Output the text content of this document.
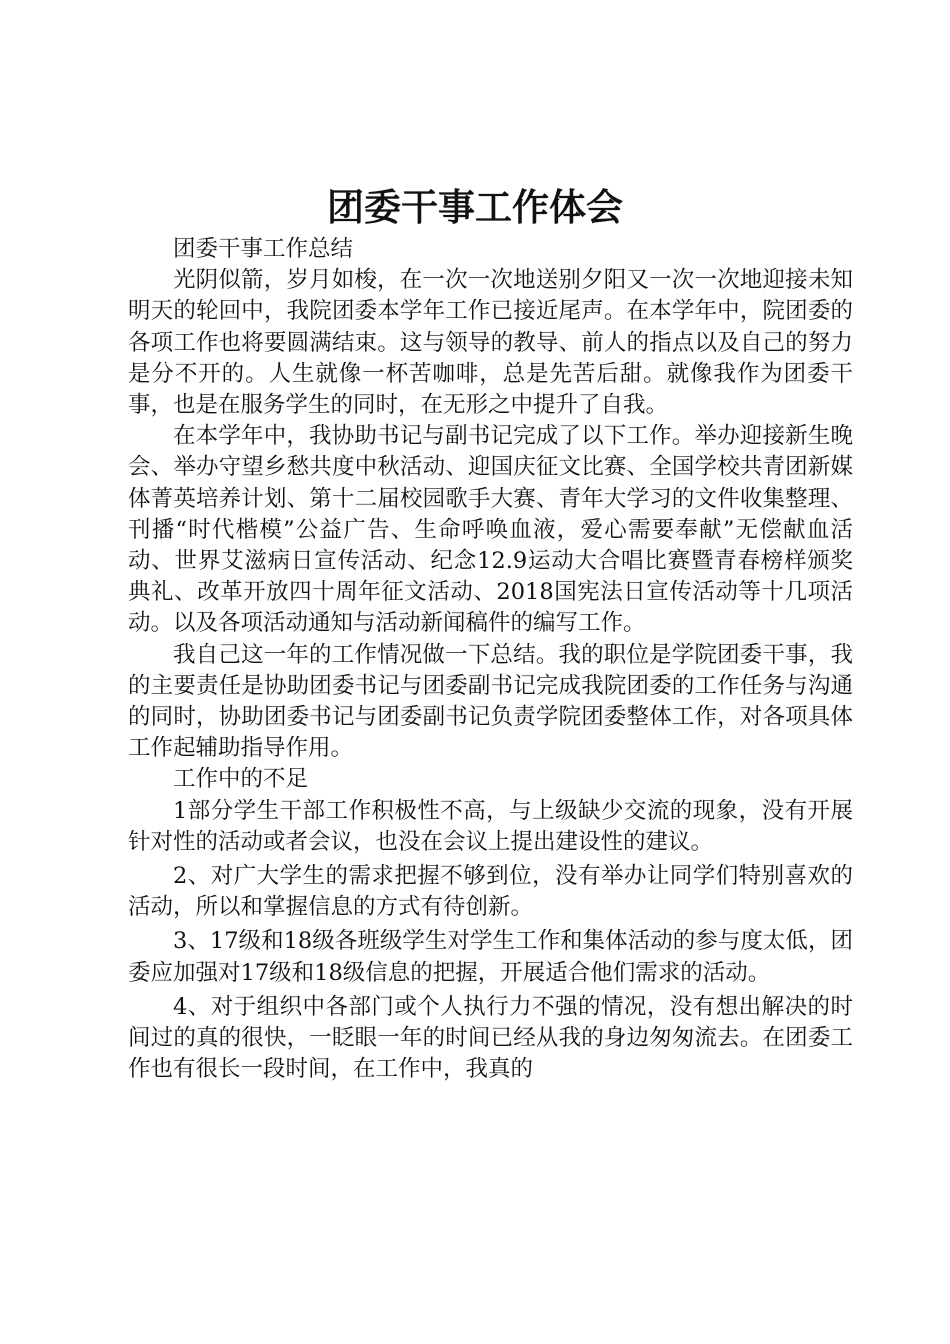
团委干事工作体会

团委干事工作总结

光阴似箭，岁月如梭，在一次一次地送别夕阳又一次一次地迎接未知明天的轮回中，我院团委本学年工作已接近尾声。在本学年中，院团委的各项工作也将要圆满结束。这与领导的教导、前人的指点以及自己的努力是分不开的。人生就像一杯苦咖啡，总是先苦后甜。就像我作为团委干事，也是在服务学生的同时，在无形之中提升了自我。

在本学年中，我协助书记与副书记完成了以下工作。举办迎接新生晚会、举办守望乡愁共度中秋活动、迎国庆征文比赛、全国学校共青团新媒体菁英培养计划、第十二届校园歌手大赛、青年大学习的文件收集整理、刊播“时代楷模”公益广告、生命呼唤血液，爱心需要奉献”无偿献血活动、世界艾滋病日宣传活动、纪念12.9运动大合唱比赛暨青春榜样颁奖典礼、改革开放四十周年征文活动、2018国宪法日宣传活动等十几项活动。以及各项活动通知与活动新闻稿件的编写工作。

我自己这一年的工作情况做一下总结。我的职位是学院团委干事，我的主要责任是协助团委书记与团委副书记完成我院团委的工作任务与沟通的同时，协助团委书记与团委副书记负责学院团委整体工作，对各项具体工作起辅助指导作用。

工作中的不足

1部分学生干部工作积极性不高，与上级缺少交流的现象，没有开展针对性的活动或者会议，也没在会议上提出建设性的建议。

2、对广大学生的需求把握不够到位，没有举办让同学们特别喜欢的活动，所以和掌握信息的方式有待创新。

3、17级和18级各班级学生对学生工作和集体活动的参与度太低，团委应加强对17级和18级信息的把握，开展适合他们需求的活动。

4、对于组织中各部门或个人执行力不强的情况，没有想出解决的时间过的真的很快，一眨眼一年的时间已经从我的身边匆匆流去。在团委工作也有很长一段时间，在工作中，我真的
